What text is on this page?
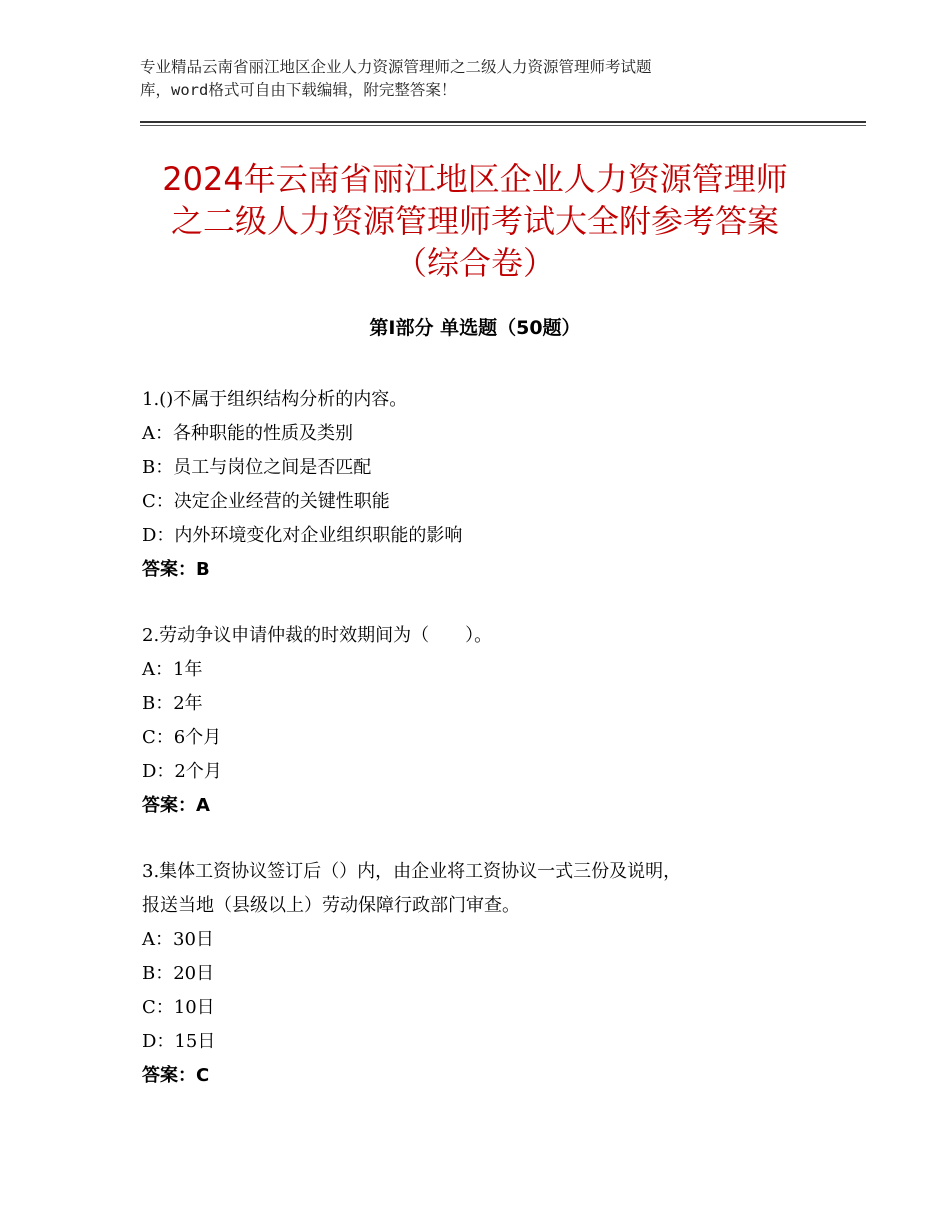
专业精品云南省丽江地区企业人力资源管理师之二级人力资源管理师考试题
库，word格式可自由下载编辑，附完整答案！
2024年云南省丽江地区企业人力资源管理师
之二级人力资源管理师考试大全附参考答案
（综合卷）
第Ⅰ部分 单选题（50题）
1.()不属于组织结构分析的内容。
A：各种职能的性质及类别
B：员工与岗位之间是否匹配
C：决定企业经营的关键性职能
D：内外环境变化对企业组织职能的影响
答案：B
2.劳动争议申请仲裁的时效期间为（　　）。
A：1年
B：2年
C：6个月
D：2个月
答案：A
3.集体工资协议签订后（）内，由企业将工资协议一式三份及说明，
报送当地（县级以上）劳动保障行政部门审查。
A：30日
B：20日
C：10日
D：15日
答案：C
